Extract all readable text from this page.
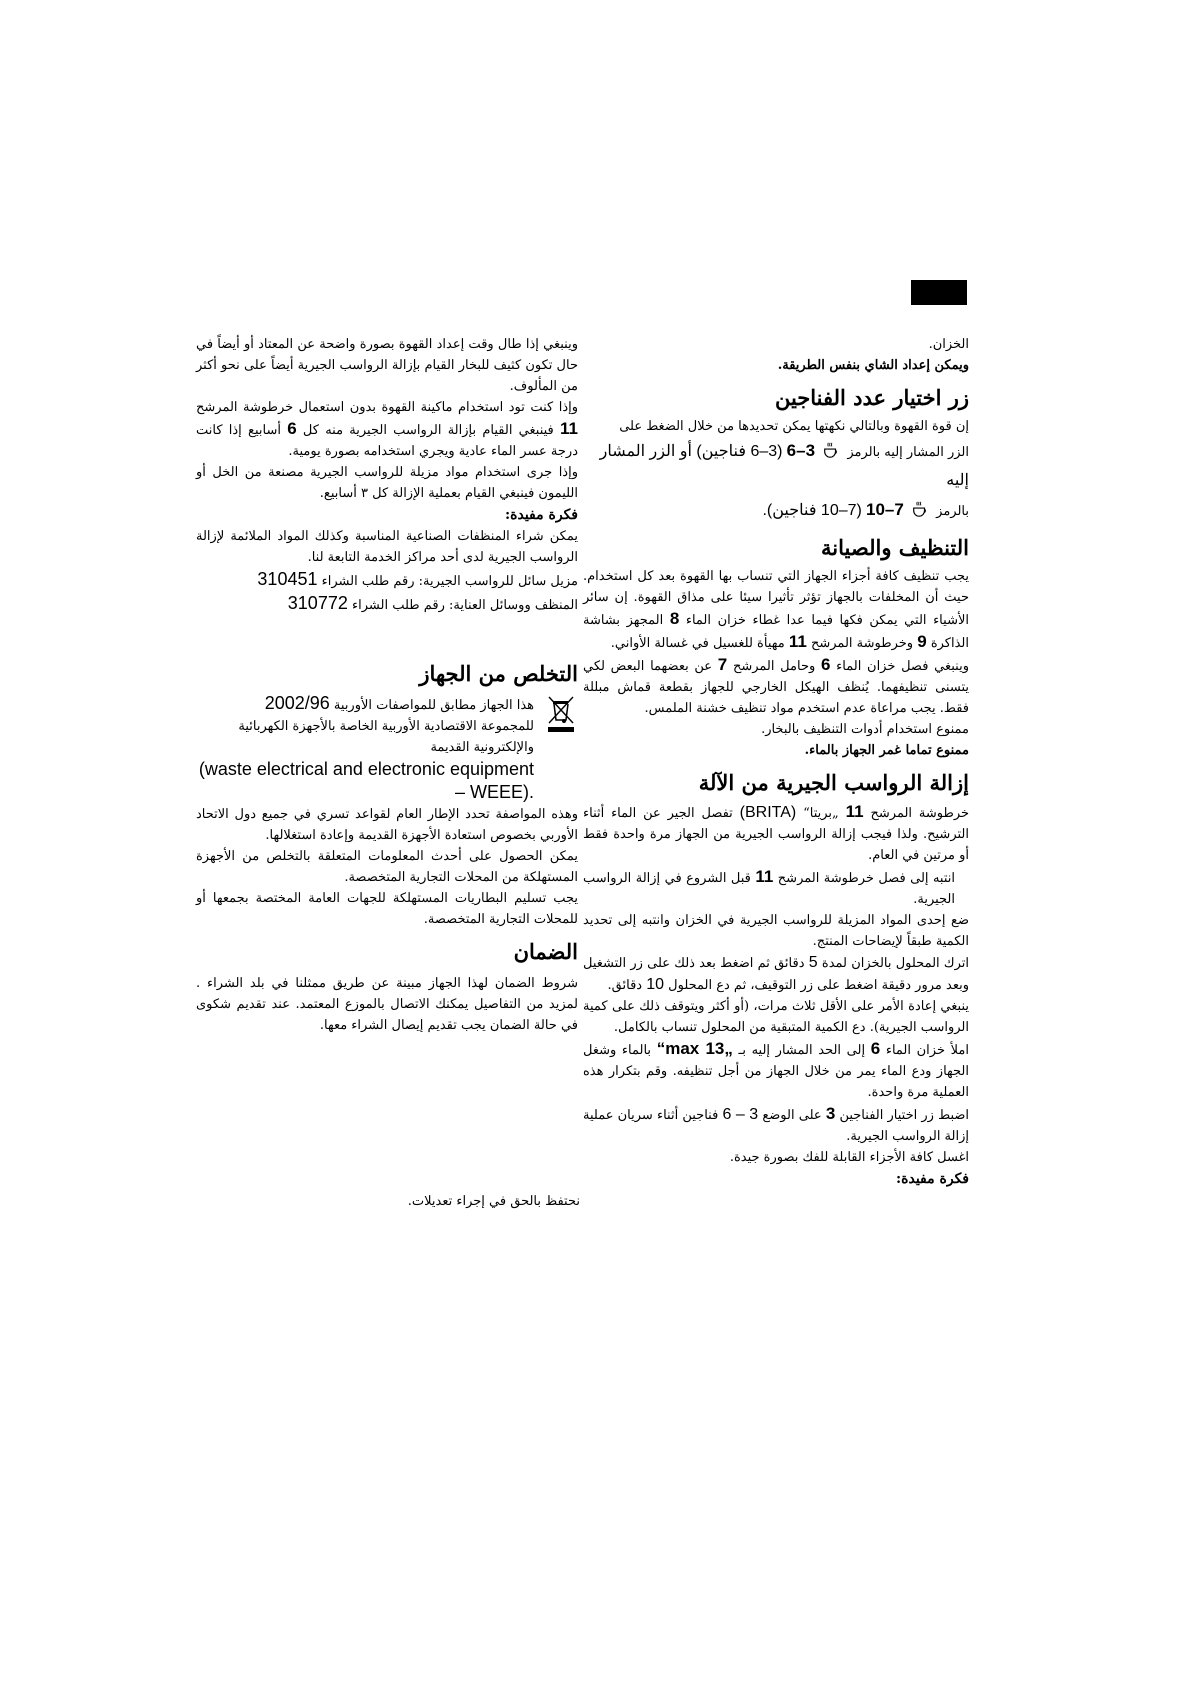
الخزان.

ويمكن إعداد الشاي بنفس الطريقة.

زر اختيار عدد الفناجين

إن قوة القهوة وبالتالي نكهتها يمكن تحديدها من خلال الضغط على

الزر المشار إليه بالرمز  3–6 (3–6 فناجين) أو الزر المشار إليه

بالرمز  7–10 (7–10 فناجين).

التنظيف والصيانة

يجب تنظيف كافة أجزاء الجهاز التي تنساب بها القهوة بعد كل استخدام. حيث أن المخلفات بالجهاز تؤثر تأثيرا سيئا على مذاق القهوة. إن سائر الأشياء التي يمكن فكها فيما عدا غطاء خزان الماء 8 المجهز بشاشة الذاكرة 9 وخرطوشة المرشح 11 مهيأة للغسيل في غسالة الأواني.

وينبغي فصل خزان الماء 6 وحامل المرشح 7 عن بعضهما البعض لكي يتسنى تنظيفهما. يُنظف الهيكل الخارجي للجهاز بقطعة قماش مبللة فقط. يجب مراعاة عدم استخدم مواد تنظيف خشنة الملمس.

ممنوع استخدام أدوات التنظيف بالبخار.

ممنوع تماما غمر الجهاز بالماء.

إزالة الرواسب الجيرية من الآلة

خرطوشة المرشح 11 „بريتا“ (BRITA) تفصل الجير عن الماء أثناء الترشيح. ولذا فيجب إزالة الرواسب الجيرية من الجهاز مرة واحدة فقط أو مرتين في العام.

انتبه إلى فصل خرطوشة المرشح 11 قبل الشروع في إزالة الرواسب الجيرية.

ضع إحدى المواد المزيلة للرواسب الجيرية في الخزان وانتبه إلى تحديد الكمية طبقاً لإيضاحات المنتج.

اترك المحلول بالخزان لمدة 5 دقائق ثم اضغط بعد ذلك على زر التشغيل وبعد مرور دقيقة اضغط على زر التوقيف، ثم دع المحلول 10 دقائق.

ينبغي إعادة الأمر على الأقل ثلاث مرات، (أو أكثر ويتوقف ذلك على كمية الرواسب الجيرية). دع الكمية المتبقية من المحلول تنساب بالكامل.

املأ خزان الماء 6 إلى الحد المشار إليه بـ „max 13“ بالماء وشغل الجهاز ودع الماء يمر من خلال الجهاز من أجل تنظيفه. وقم بتكرار هذه العملية مرة واحدة.

اضبط زر اختيار الفناجين 3 على الوضع 3 – 6 فناجين أثناء سريان عملية إزالة الرواسب الجيرية.

اغسل كافة الأجزاء القابلة للفك بصورة جيدة.

فكرة مفيدة:

وينبغي إذا طال وقت إعداد القهوة بصورة واضحة عن المعتاد أو أيضاً في حال تكون كثيف للبخار القيام بإزالة الرواسب الجيرية أيضاً على نحو أكثر من المألوف.

وإذا كنت تود استخدام ماكينة القهوة بدون استعمال خرطوشة المرشح 11 فينبغي القيام بإزالة الرواسب الجيرية منه كل 6 أسابيع إذا كانت درجة عسر الماء عادية ويجري استخدامه بصورة يومية.

وإذا جرى استخدام مواد مزيلة للرواسب الجيرية مصنعة من الخل أو الليمون فينبغي القيام بعملية الإزالة كل ٣ أسابيع.

فكرة مفيدة:

يمكن شراء المنظفات الصناعية المناسبة وكذلك المواد الملائمة لإزالة الرواسب الجيرية لدى أحد مراكز الخدمة التابعة لنا.

مزيل سائل للرواسب الجيرية: رقم طلب الشراء 310451

المنظف ووسائل العناية: رقم طلب الشراء 310772

التخلص من الجهاز

هذا الجهاز مطابق للمواصفات الأوربية 2002/96

للمجموعة الاقتصادية الأوربية الخاصة بالأجهزة الكهربائية والإلكترونية القديمة

(waste electrical and electronic equipment – WEEE).

وهذه المواصفة تحدد الإطار العام لقواعد تسري في جميع دول الاتحاد الأوربي بخصوص استعادة الأجهزة القديمة وإعادة استغلالها.

يمكن الحصول على أحدث المعلومات المتعلقة بالتخلص من الأجهزة المستهلكة من المحلات التجارية المتخصصة.

يجب تسليم البطاريات المستهلكة للجهات العامة المختصة بجمعها أو للمحلات التجارية المتخصصة.

الضمان

شروط الضمان لهذا الجهاز مبينة عن طريق ممثلنا في بلد الشراء . لمزيد من التفاصيل يمكنك الاتصال بالموزع المعتمد. عند تقديم شكوى في حالة الضمان يجب تقديم إيصال الشراء معها.

نحتفظ بالحق في إجراء تعديلات.
